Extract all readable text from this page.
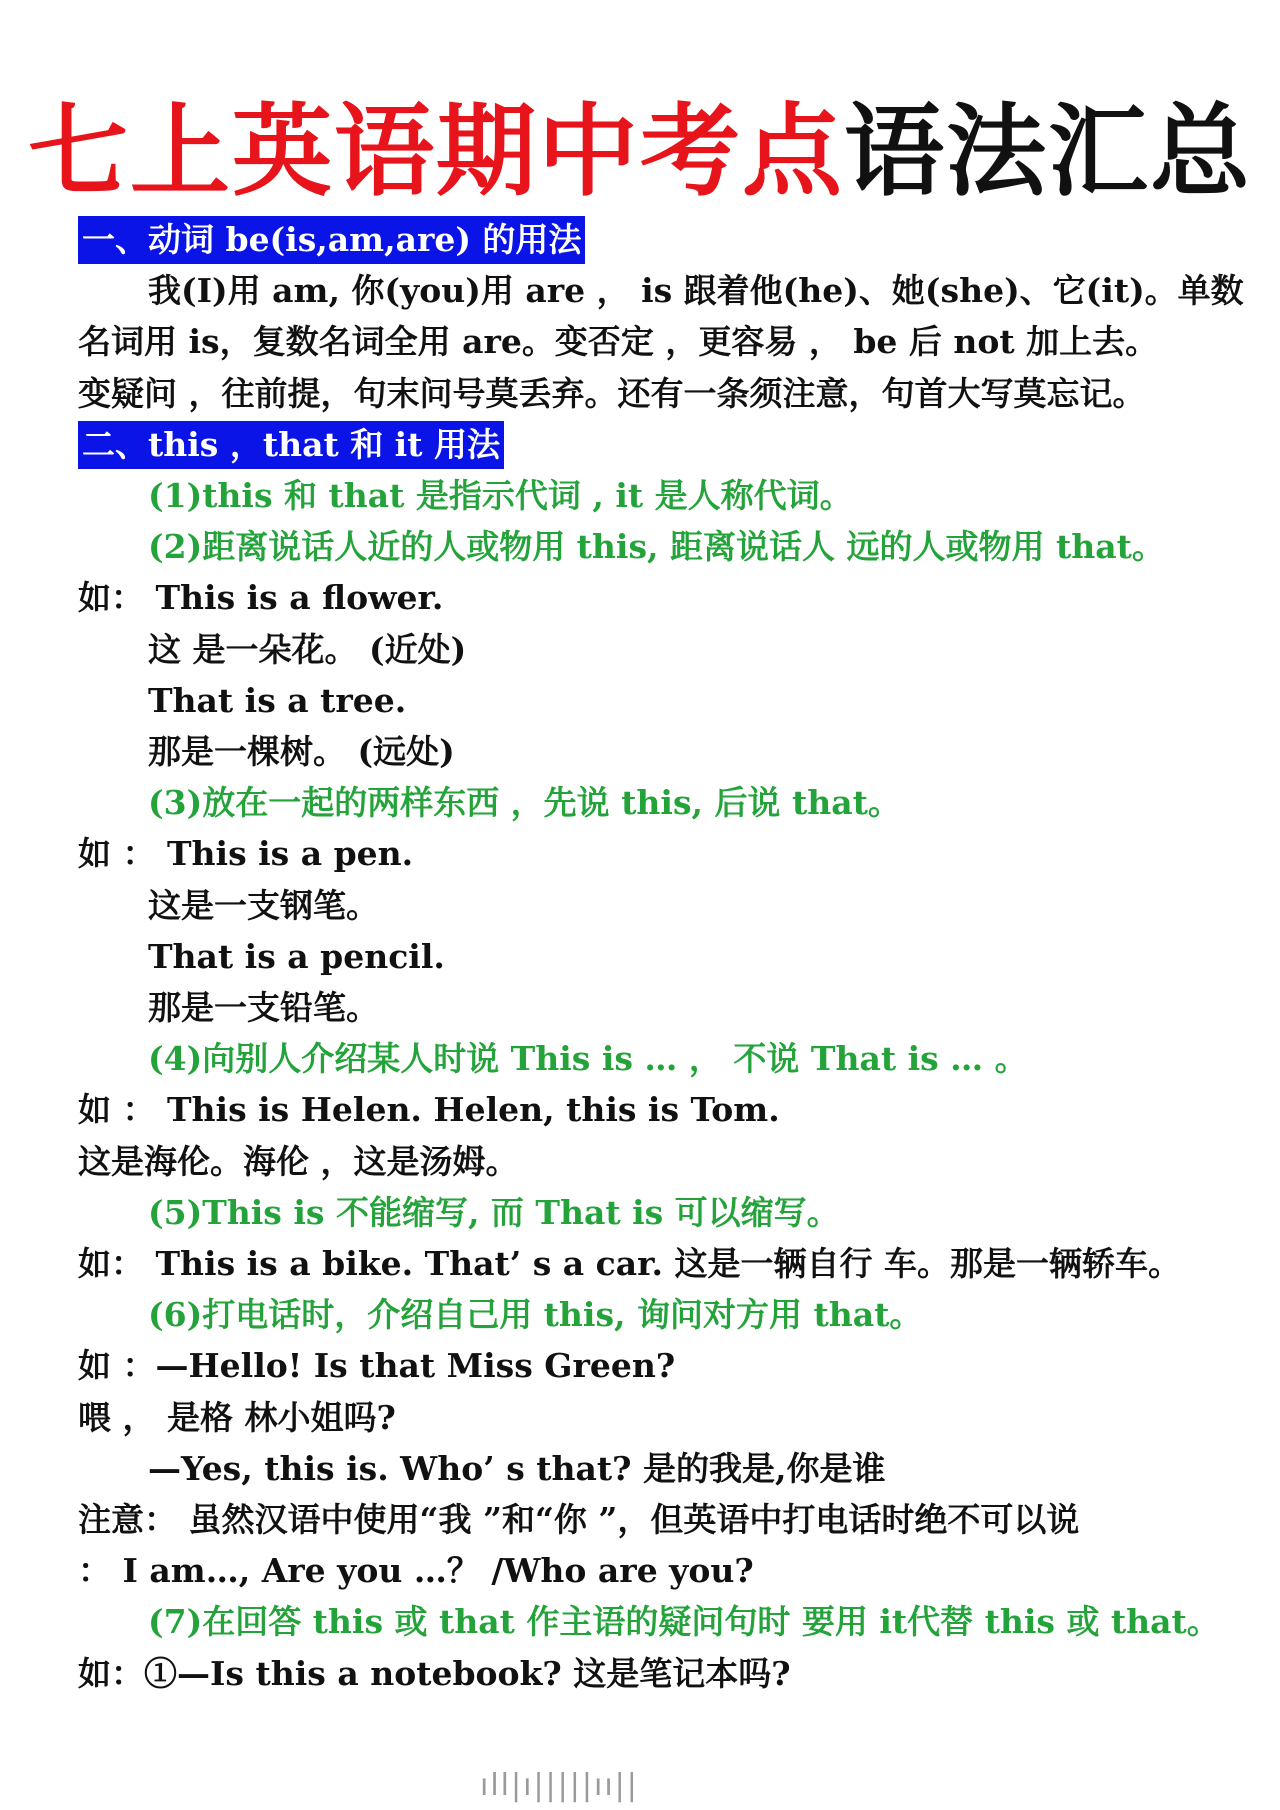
七上英语期中考点语法汇总
一、动词 be(is,am,are) 的用法
我(I)用 am, 你(you)用 are ， is 跟着他(he)、她(she)、它(it)。单数
名词用 is，复数名词全用 are。变否定 ，更容易 ， be 后 not 加上去。
变疑问 ，往前提，句末问号莫丢弃。还有一条须注意，句首大写莫忘记。
二、this ，that 和 it 用法
(1)this 和 that 是指示代词 , it 是人称代词。
(2)距离说话人近的人或物用 this, 距离说话人 远的人或物用 that。
如： This is a flower.
这 是一朵花。 (近处)
That is a tree.
那是一棵树。 (远处)
(3)放在一起的两样东西 ，先说 this, 后说 that。
如 ： This is a pen.
这是一支钢笔。
That is a pencil.
那是一支铅笔。
(4)向别人介绍某人时说 This is … ， 不说 That is … 。
如 ： This is Helen. Helen, this is Tom.
这是海伦。海伦 ，这是汤姆。
(5)This is 不能缩写, 而 That is 可以缩写。
如： This is a bike. That’ s a car. 这是一辆自行 车。那是一辆轿车。
(6)打电话时，介绍自己用 this, 询问对方用 that。
如 ：—Hello! Is that Miss Green?
喂 ， 是格 林小姐吗?
—Yes, this is. Who’ s that? 是的我是,你是谁
注意： 虽然汉语中使用“我 ”和“你 ”，但英语中打电话时绝不可以说
： I am…, Are you …？ /Who are you?
(7)在回答 this 或 that 作主语的疑问句时 要用 it代替 this 或 that。
如：①—Is this a notebook? 这是笔记本吗?
ıll|ı|||||ıı||
